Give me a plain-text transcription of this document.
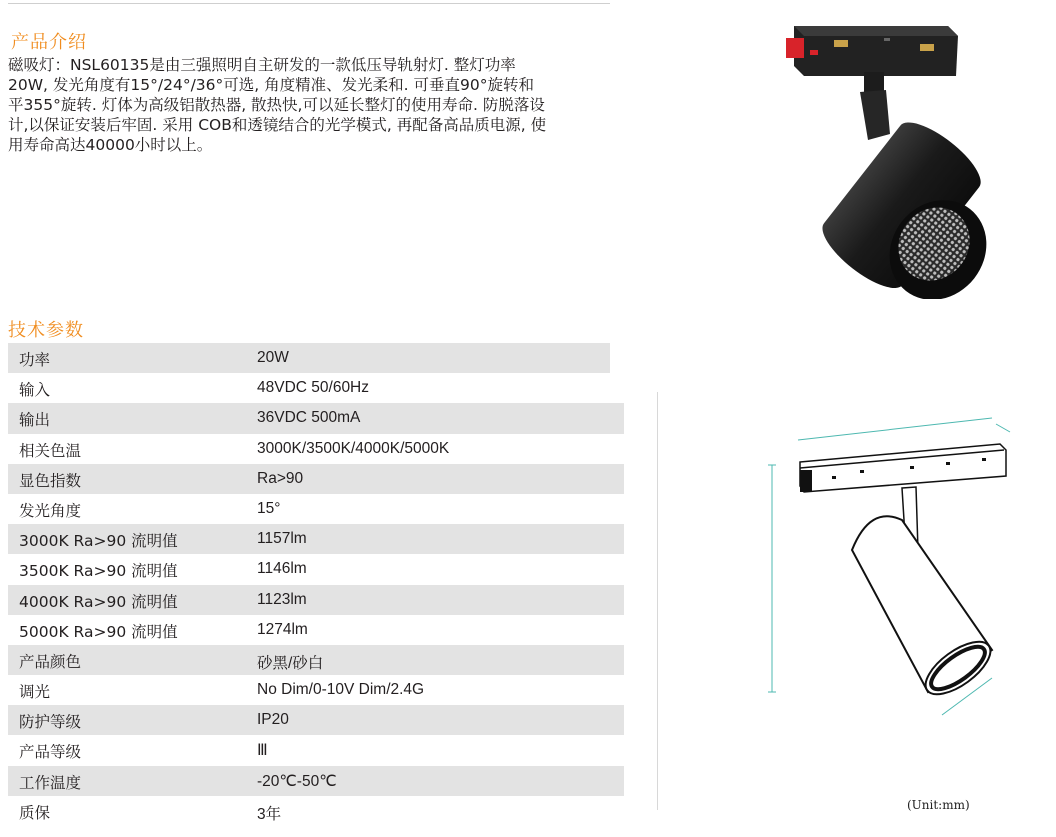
产品介绍
磁吸灯：NSL60135是由三强照明自主研发的一款低压导轨射灯. 整灯功率
20W, 发光角度有15°/24°/36°可选, 角度精准、发光柔和. 可垂直90°旋转和
平355°旋转. 灯体为高级铝散热器, 散热快,可以延长整灯的使用寿命. 防脱落设
计,以保证安装后牢固. 采用 COB和透镜结合的光学模式, 再配备高品质电源, 使
用寿命高达40000小时以上。
技术参数
功率	20W
输入	48VDC 50/60Hz
输出	36VDC 500mA
相关色温	3000K/3500K/4000K/5000K
显色指数	Ra>90
发光角度	15°
3000K Ra>90 流明值	1157lm
3500K Ra>90 流明值	1146lm
4000K Ra>90 流明值	1123lm
5000K Ra>90 流明值	1274lm
产品颜色	砂黑/砂白
调光	No Dim/0-10V Dim/2.4G
防护等级	IP20
产品等级	Ⅲ
工作温度	-20℃-50℃
质保	3年
(Unit:mm)
